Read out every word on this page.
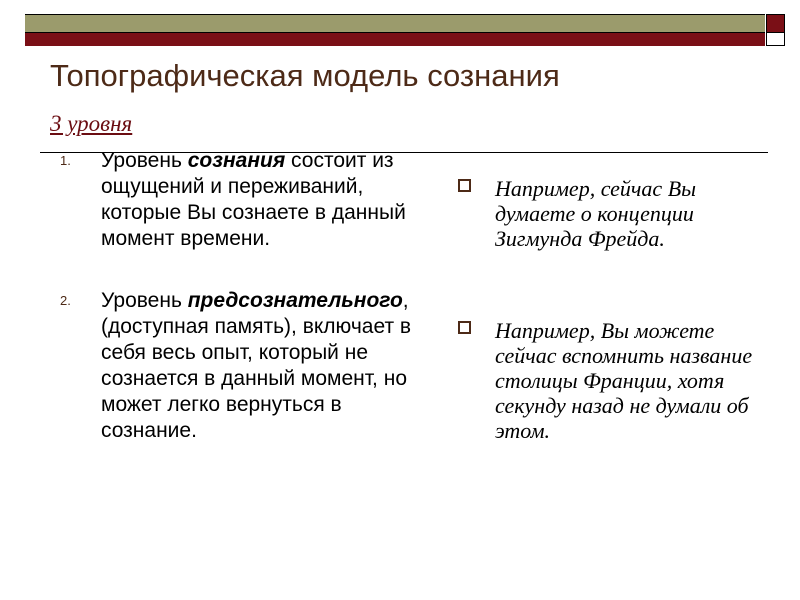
Топографическая модель сознания
3 уровня
1. Уровень сознания состоит из ощущений и переживаний, которые Вы сознаете в данный момент времени.
2. Уровень предсознательного, (доступная память), включает в себя весь опыт, который не сознается в данный момент, но может легко вернуться в сознание.
Например, сейчас Вы думаете о концепции Зигмунда Фрейда.
Например, Вы можете сейчас вспомнить название столицы Франции, хотя секунду назад не думали об этом.
